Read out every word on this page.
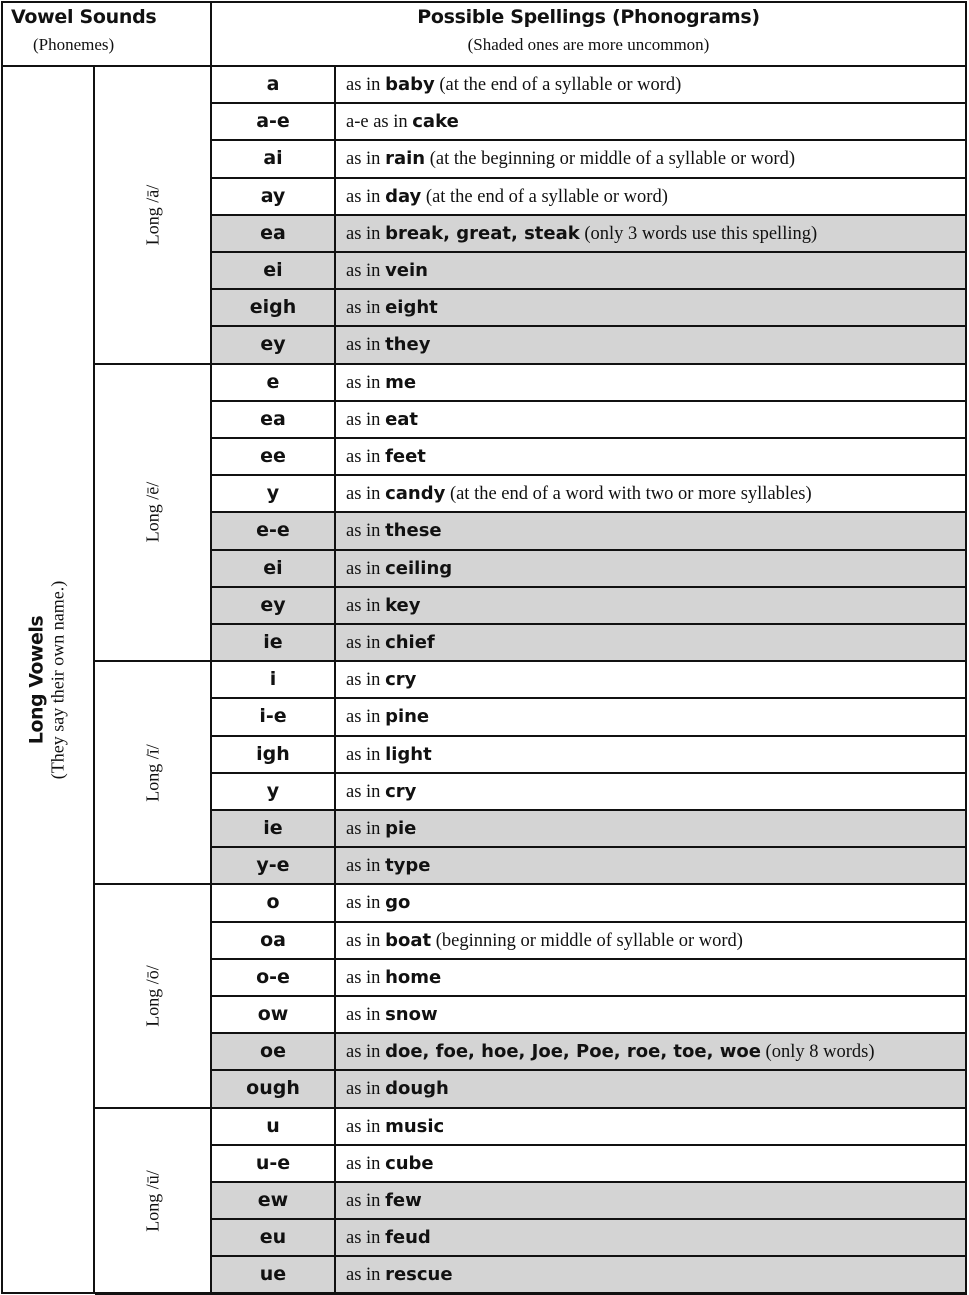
Vowel Sounds
(Phonemes)
Possible Spellings (Phonograms)
(Shaded ones are more uncommon)
Long Vowels (They say their own name.)
Long /ā/
a	as in baby (at the end of a syllable or word)
a-e	a-e as in cake
ai	as in rain (at the beginning or middle of a syllable or word)
ay	as in day (at the end of a syllable or word)
ea	as in break, great, steak (only 3 words use this spelling)
ei	as in vein
eigh	as in eight
ey	as in they
Long /ē/
e	as in me
ea	as in eat
ee	as in feet
y	as in candy (at the end of a word with two or more syllables)
e-e	as in these
ei	as in ceiling
ey	as in key
ie	as in chief
Long /ī/
i	as in cry
i-e	as in pine
igh	as in light
y	as in cry
ie	as in pie
y-e	as in type
Long /ō/
o	as in go
oa	as in boat (beginning or middle of syllable or word)
o-e	as in home
ow	as in snow
oe	as in doe, foe, hoe, Joe, Poe, roe, toe, woe (only 8 words)
ough	as in dough
Long /ū/
u	as in music
u-e	as in cube
ew	as in few
eu	as in feud
ue	as in rescue
